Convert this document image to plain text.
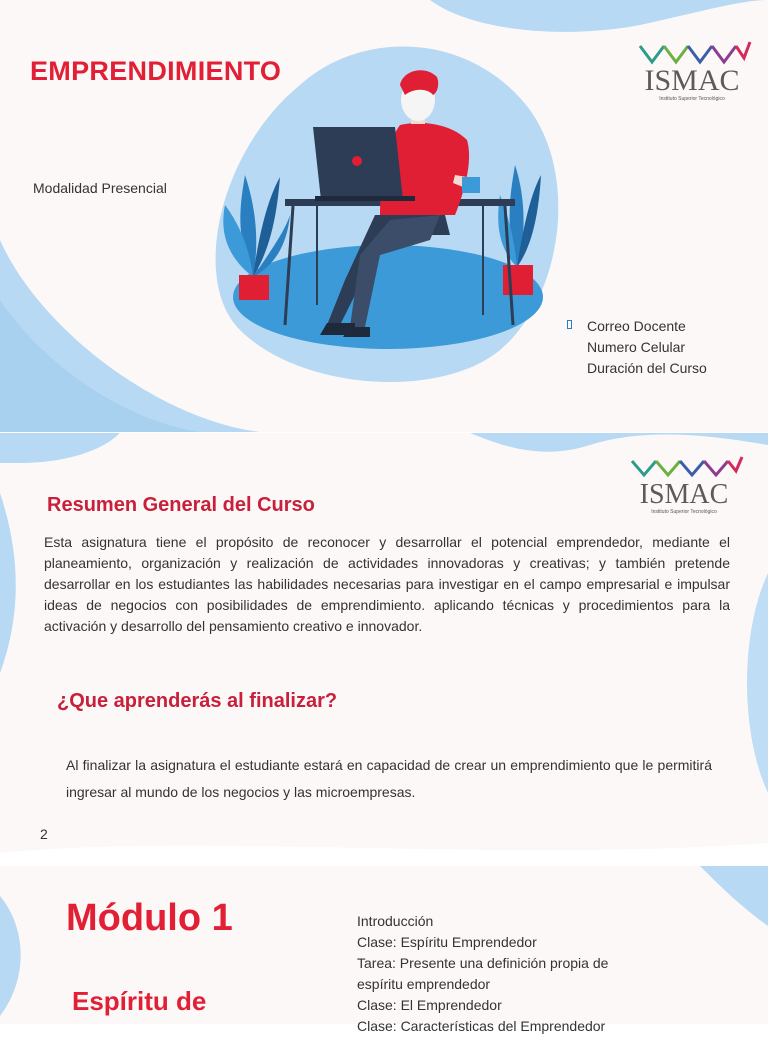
EMPRENDIMIENTO

Modalidad Presencial

ISMAC
Instituto Superior Tecnológico
Correo Docente
Numero Celular
Duración del Curso
ISMAC
Instituto Superior Tecnológico
Resumen General del Curso

Esta asignatura tiene el propósito de reconocer y desarrollar el potencial emprendedor, mediante el planeamiento, organización y realización de actividades innovadoras y creativas; y también pretende desarrollar en los estudiantes las habilidades necesarias para investigar en el campo empresarial e impulsar ideas de negocios con posibilidades de emprendimiento. aplicando técnicas y procedimientos para la activación y desarrollo del pensamiento creativo e innovador.

¿Que aprenderás al finalizar?

Al finalizar la asignatura el estudiante estará en capacidad de crear un emprendimiento que le permitirá ingresar al mundo de los negocios y las microempresas.

2
Módulo 1
Espíritu de
Introducción
Clase: Espíritu Emprendedor
Tarea: Presente una definición propia de
espíritu emprendedor
Clase: El Emprendedor
Clase: Características del Emprendedor
